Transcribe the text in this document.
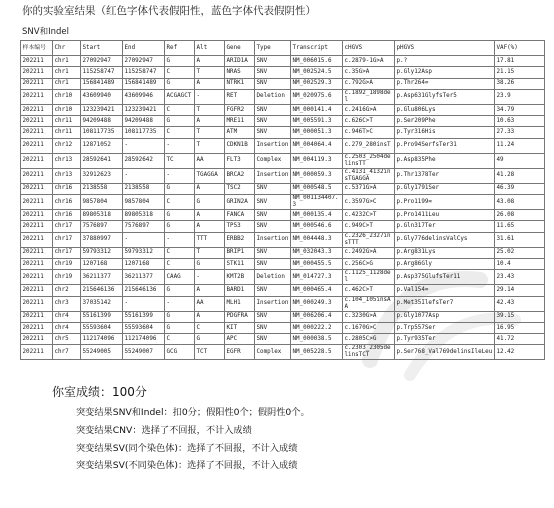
你的实验室结果（红色字体代表假阳性，蓝色字体代表假阴性）
SNV和Indel
样本编号	Chr	Start	End	Ref	Alt	Gene	Type	Transcript	cHGVS	pHGVS	VAF(%)
202211	chr1	27092947	27092947	G	A	ARID1A	SNV	NM_006015.6	c.2879-1G>A	p.?	17.81
202211	chr1	115258747	115258747	C	T	NRAS	SNV	NM_002524.5	c.35G>A	p.Gly12Asp	21.15
202211	chr1	156841489	156841489	G	A	NTRK1	SNV	NM_002529.3	c.792G>A	p.Thr264=	38.26
202211	chr10	43609940	43609946	ACGAGCT	-	RET	Deletion	NM_020975.6	c.1892_1898del	p.Asp631GlyfsTer5	23.9
202211	chr10	123239421	123239421	C	T	FGFR2	SNV	NM_000141.4	c.2416G>A	p.Glu806Lys	34.79
202211	chr11	94209488	94209488	G	A	MRE11	SNV	NM_005591.3	c.626C>T	p.Ser209Phe	10.63
202211	chr11	108117735	108117735	C	T	ATM	SNV	NM_000051.3	c.946T>C	p.Tyr316His	27.33
202211	chr12	12871052	-	-	T	CDKN1B	Insertion	NM_004064.4	c.279_280insT	p.Pro94SerfsTer31	11.24
202211	chr13	28592641	28592642	TC	AA	FLT3	Complex	NM_004119.3	c.2503_2504delinsTT	p.Asp835Phe	49
202211	chr13	32912623	-	-	TGAGGA	BRCA2	Insertion	NM_000059.3	c.4131_4132insTGAGGA	p.Thr1378Ter	41.28
202211	chr16	2138558	2138558	G	A	TSC2	SNV	NM_000548.5	c.5371G>A	p.Gly1791Ser	46.39
202211	chr16	9857804	9857804	C	G	GRIN2A	SNV	NM_001134407.3	c.3597G>C	p.Pro1199=	43.08
202211	chr16	89805318	89805318	G	A	FANCA	SNV	NM_000135.4	c.4232C>T	p.Pro1411Leu	26.08
202211	chr17	7576897	7576897	G	A	TP53	SNV	NM_000546.6	c.949C>T	p.Gln317Ter	11.65
202211	chr17	37880997	-	-	TTT	ERBB2	Insertion	NM_004448.3	c.2326_2327insTTT	p.Gly776delinsValCys	31.61
202211	chr17	59793312	59793312	C	T	BRIP1	SNV	NM_032043.3	c.2492G>A	p.Arg831Lys	25.02
202211	chr19	1207168	1207168	C	G	STK11	SNV	NM_000455.5	c.256C>G	p.Arg86Gly	10.4
202211	chr19	36211377	36211377	CAAG	-	KMT2B	Deletion	NM_014727.3	c.1125_1128del	p.Asp375GlufsTer11	23.43
202211	chr2	215646136	215646136	G	A	BARD1	SNV	NM_000465.4	c.462C>T	p.Val154=	29.14
202211	chr3	37035142	-	-	AA	MLH1	Insertion	NM_000249.3	c.104_105insAA	p.Met35IlefsTer7	42.43
202211	chr4	55161399	55161399	G	A	PDGFRA	SNV	NM_006206.4	c.3230G>A	p.Gly1077Asp	39.15
202211	chr4	55593604	55593604	G	C	KIT	SNV	NM_000222.2	c.1670G>C	p.Trp557Ser	16.95
202211	chr5	112174096	112174096	C	G	APC	SNV	NM_000038.5	c.2805C>G	p.Tyr935Ter	41.72
202211	chr7	55249005	55249007	GCG	TCT	EGFR	Complex	NM_005228.5	c.2303_2305delinsTCT	p.Ser768_Val769delinsIleLeu	12.42
你室成绩：100分
突变结果SNV和Indel：扣0分；假阳性0个；假阴性0个。
突变结果CNV：选择了不回报，不计入成绩
突变结果SV(同个染色体)：选择了不回报，不计入成绩
突变结果SV(不同染色体)：选择了不回报，不计入成绩
